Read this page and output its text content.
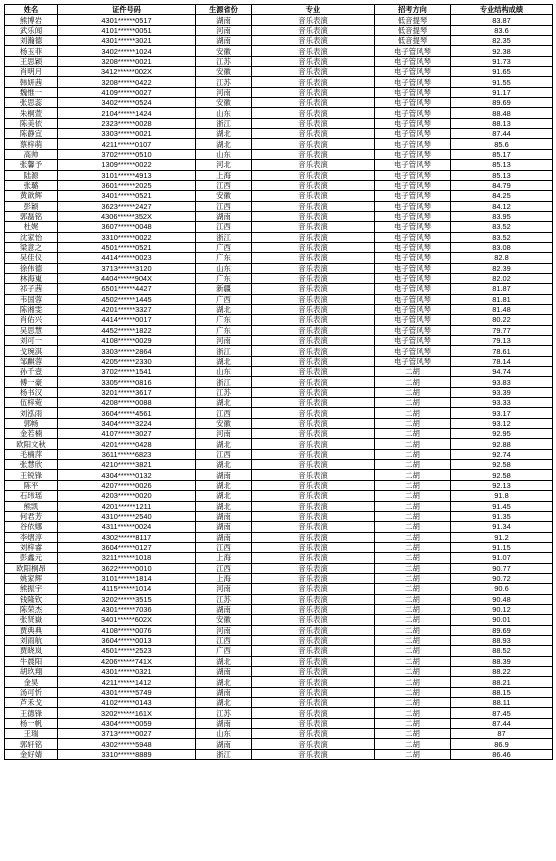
姓名	证件号码	生源省份	专业	招考方向	专业结构成绩
熊博岩	4301******0517	湖南	音乐表演	低音提琴	83.87
武乐闻	4101******0051	河南	音乐表演	低音提琴	83.6
刘瀚德	4301******3021	湖南	音乐表演	低音提琴	82.35
杨玉菲	3402******1024	安徽	音乐表演	电子管风琴	92.38
王思颖	3208******0021	江苏	音乐表演	电子管风琴	91.73
肖明月	3412******002X	安徽	音乐表演	电子管风琴	91.65
韩妍茜	3208******0422	江苏	音乐表演	电子管风琴	91.55
魏惟一	4109******0027	河南	音乐表演	电子管风琴	91.17
张思蕊	3402******0524	安徽	音乐表演	电子管风琴	89.69
朱桐萱	2104******1424	山东	音乐表演	电子管风琴	88.48
陈美依	2323******0028	浙江	音乐表演	电子管风琴	88.13
陈静宜	3303******0021	湖北	音乐表演	电子管风琴	87.44
蔡梓萌	4211******0107	湖北	音乐表演	电子管风琴	85.6
高帅	3702******0510	山东	音乐表演	电子管风琴	85.17
张馨予	1309******0022	河北	音乐表演	电子管风琴	85.13
陆源	3101******4913	上海	音乐表演	电子管风琴	85.13
张璐	3601******2025	江西	音乐表演	电子管风琴	84.79
黄歆辉	3401******0521	安徽	音乐表演	电子管风琴	84.25
彭颖	3623******2427	江西	音乐表演	电子管风琴	84.12
郭磊铭	4306******352X	湖南	音乐表演	电子管风琴	83.95
杜娓	3607******0048	江西	音乐表演	电子管风琴	83.52
沈家怡	3310******0022	浙江	音乐表演	电子管风琴	83.52
梁意之	4501******0521	广西	音乐表演	电子管风琴	83.08
吴佳仪	4414******0023	广东	音乐表演	电子管风琴	82.8
徐伟德	3713******3120	山东	音乐表演	电子管风琴	82.39
林海嵬	4404******904X	广东	音乐表演	电子管风琴	82.02
祁子茜	6501******4427	新疆	音乐表演	电子管风琴	81.87
韦国蓉	4502******1445	广西	音乐表演	电子管风琴	81.81
陈湘雯	4201******3327	湖北	音乐表演	电子管风琴	81.48
肖佑兴	4414******0017	广东	音乐表演	电子管风琴	80.22
吴思慧	4452******1822	广东	音乐表演	电子管风琴	79.77
刘可一	4108******0029	河南	音乐表演	电子管风琴	79.13
戈琬淇	3303******2864	浙江	音乐表演	电子管风琴	78.61
邹麒蓉	4205******2330	湖北	音乐表演	电子管风琴	78.14
孙千壹	3702******1541	山东	音乐表演	二胡	94.74
傅一豪	3305******0816	浙江	音乐表演	二胡	93.83
杨书汉	3201******3617	江苏	音乐表演	二胡	93.39
伍梓菀	4208******0088	湖北	音乐表演	二胡	93.33
刘泓雨	3604******4561	江西	音乐表演	二胡	93.17
郭畅	3404******3224	安徽	音乐表演	二胡	93.12
金若楠	4107******3027	河南	音乐表演	二胡	92.95
欧阳文秋	4201******0428	湖北	音乐表演	二胡	92.88
毛楠萍	3611******6823	江西	音乐表演	二胡	92.74
张慧欣	4210******3821	湖北	音乐表演	二胡	92.58
王锐锋	4304******0132	湖南	音乐表演	二胡	92.58
陈平	4207******0026	湖北	音乐表演	二胡	92.13
石玮瑶	4203******0020	湖北	音乐表演	二胡	91.8
熊凯	4201******1211	湖北	音乐表演	二胡	91.45
何君芳	4310******2540	湖南	音乐表演	二胡	91.35
谷依娜	4311******0024	湖南	音乐表演	二胡	91.34
李熠淳	4302******8117	湖南	音乐表演	二胡	91.2
刘梓睿	3604******0127	江西	音乐表演	二胡	91.15
彭鑫元	3211******1018	上海	音乐表演	二胡	91.07
欧阳桐昂	3622******0010	江西	音乐表演	二胡	90.77
姚家辉	3101******1814	上海	音乐表演	二胡	90.72
熊振宇	4115******1014	河南	音乐表演	二胡	90.6
钱隆钦	3202******3515	江苏	音乐表演	二胡	90.48
陈荣杰	4301******7036	湖南	音乐表演	二胡	90.12
张贤嶽	3401******602X	安徽	音乐表演	二胡	90.01
贾典典	4108******0076	河南	音乐表演	二胡	89.69
刘雨航	3604******0013	江西	音乐表演	二胡	88.93
贾晓岚	4501******2523	广西	音乐表演	二胡	88.52
牛晨阳	4206******741X	湖北	音乐表演	二胡	88.39
胡玖翔	4301******0321	湖南	音乐表演	二胡	88.22
金昊	4211******1412	湖北	音乐表演	二胡	88.21
汤可忻	4301******5749	湖南	音乐表演	二胡	88.15
芦禾戈	4102******0143	湖北	音乐表演	二胡	88.11
王德锋	3202******161X	江苏	音乐表演	二胡	87.45
杨一帆	4304******0059	湖南	音乐表演	二胡	87.44
王瑞	3713******0027	山东	音乐表演	二胡	87
郭轩铭	4302******5948	湖南	音乐表演	二胡	86.9
金好婧	3310******8889	浙江	音乐表演	二胡	86.46
